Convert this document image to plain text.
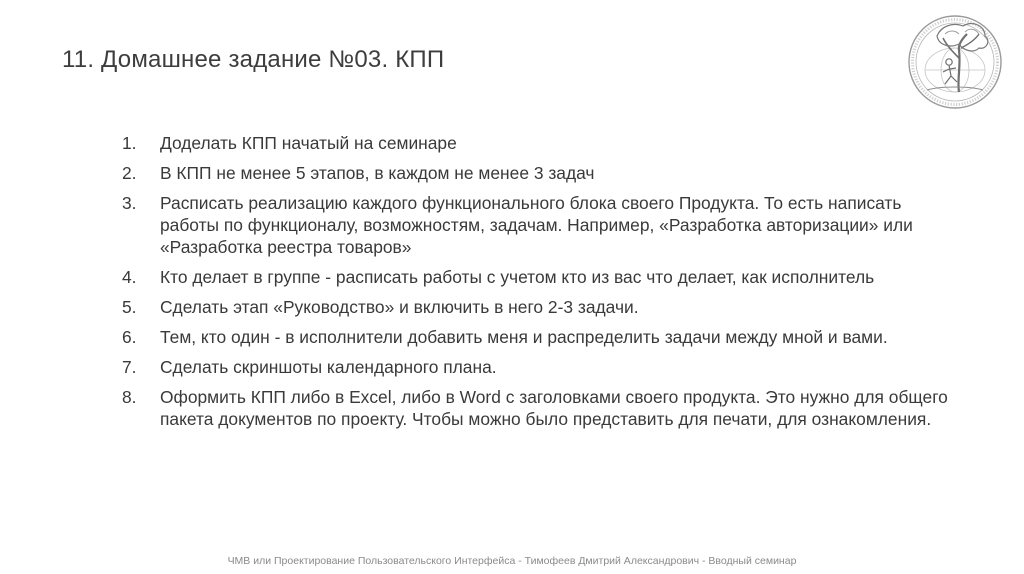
11. Домашнее задание №03. КПП
1.	Доделать КПП начатый на семинаре
2.	В КПП не менее 5 этапов, в каждом не менее 3 задач
3.	Расписать реализацию каждого функционального блока своего Продукта. То есть написать работы по функционалу, возможностям, задачам. Например, «Разработка авторизации» или «Разработка реестра товаров»
4.	Кто делает в группе - расписать работы с учетом кто из вас что делает, как исполнитель
5.	Сделать этап «Руководство» и включить в него 2-3 задачи.
6.	Тем, кто один - в исполнители добавить меня и распределить задачи между мной и вами.
7.	Сделать скриншоты календарного плана.
8.	Оформить КПП либо в Excel, либо в Word с заголовками своего продукта. Это нужно для общего пакета документов по проекту. Чтобы можно было представить для печати, для ознакомления.
ЧМВ или Проектирование Пользовательского Интерфейса - Тимофеев Дмитрий Александрович - Вводный семинар
